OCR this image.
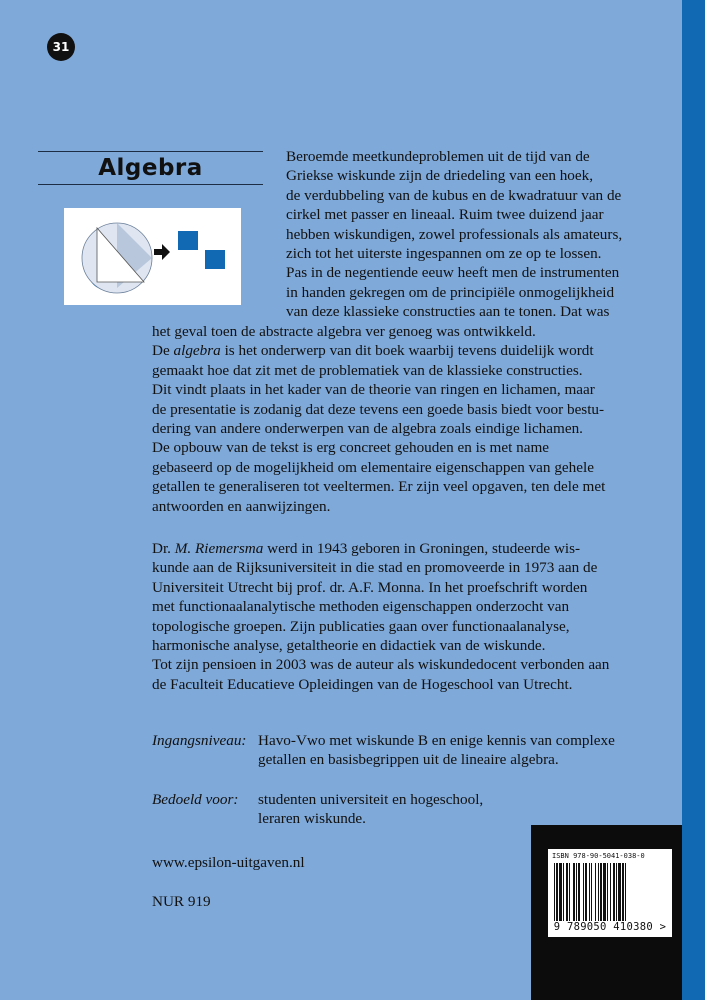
31
Algebra	Beroemde meetkundeproblemen uit de tijd van de
Griekse wiskunde zijn de driedeling van een hoek,
de verdubbeling van de kubus en de kwadratuur van de
cirkel met passer en lineaal. Ruim twee duizend jaar
hebben wiskundigen, zowel professionals als amateurs,
zich tot het uiterste ingespannen om ze op te lossen.
Pas in de negentiende eeuw heeft men de instrumenten
in handen gekregen om de principiële onmogelijkheid
van deze klassieke constructies aan te tonen. Dat was
het geval toen de abstracte algebra ver genoeg was ontwikkeld.
De algebra is het onderwerp van dit boek waarbij tevens duidelijk wordt
gemaakt hoe dat zit met de problematiek van de klassieke constructies.
Dit vindt plaats in het kader van de theorie van ringen en lichamen, maar
de presentatie is zodanig dat deze tevens een goede basis biedt voor bestu-
dering van andere onderwerpen van de algebra zoals eindige lichamen.
De opbouw van de tekst is erg concreet gehouden en is met name
gebaseerd op de mogelijkheid om elementaire eigenschappen van gehele
getallen te generaliseren tot veeltermen. Er zijn veel opgaven, ten dele met
antwoorden en aanwijzingen.
Dr. M. Riemersma werd in 1943 geboren in Groningen, studeerde wis-
kunde aan de Rijksuniversiteit in die stad en promoveerde in 1973 aan de
Universiteit Utrecht bij prof. dr. A.F. Monna. In het proefschrift worden
met functionaalanalytische methoden eigenschappen onderzocht van
topologische groepen. Zijn publicaties gaan over functionaalanalyse,
harmonische analyse, getaltheorie en didactiek van de wiskunde.
Tot zijn pensioen in 2003 was de auteur als wiskundedocent verbonden aan
de Faculteit Educatieve Opleidingen van de Hogeschool van Utrecht.
Ingangsniveau: Havo-Vwo met wiskunde B en enige kennis van complexe
getallen en basisbegrippen uit de lineaire algebra.
Bedoeld voor: studenten universiteit en hogeschool,
leraren wiskunde.
www.epsilon-uitgaven.nl
NUR 919
ISBN 978-90-5041-038-0
9 789050 410380 >
